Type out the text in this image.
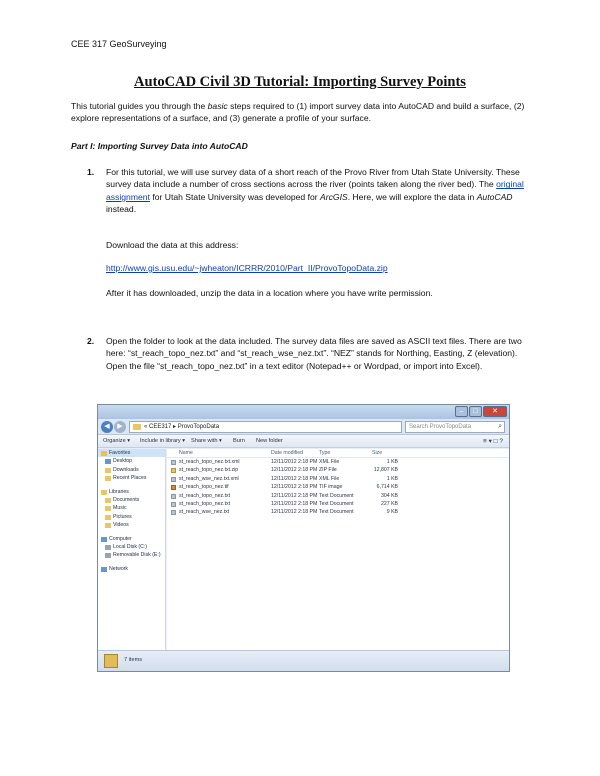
CEE 317 GeoSurveying
AutoCAD Civil 3D Tutorial: Importing Survey Points
This tutorial guides you through the basic steps required to (1) import survey data into AutoCAD and build a surface, (2) explore representations of a surface, and (3) generate a profile of your surface.
Part I: Importing Survey Data into AutoCAD
1. For this tutorial, we will use survey data of a short reach of the Provo River from Utah State University. These survey data include a number of cross sections across the river (points taken along the river bed). The original assignment for Utah State University was developed for ArcGIS. Here, we will explore the data in AutoCAD instead.
Download the data at this address:
http://www.gis.usu.edu/~jwheaton/ICRRR/2010/Part_II/ProvoTopoData.zip
After it has downloaded, unzip the data in a location where you have write permission.
2. Open the folder to look at the data included. The survey data files are saved as ASCII text files. There are two here: “st_reach_topo_nez.txt” and “st_reach_wse_nez.txt”. “NEZ” stands for Northing, Easting, Z (elevation). Open the file “st_reach_topo_nez.txt” in a text editor (Notepad++ or Wordpad, or import into Excel).
–	□	✕
◀	▶	« CEE317 ▸ ProvoTopoData	Search ProvoTopoData	⌕
Organize ▾ Include in library ▾ Share with ▾ Burn New folder	≡ ▾ □ ?
Favorites
Desktop
Downloads
Recent Places
Libraries
Documents
Music
Pictures
Videos
Computer
Local Disk (C:)
Removable Disk (E:)
Network
Name	Date modified	Type	Size
st_reach_topo_nez.txt.xml	12/11/2012 2:18 PM XML File	1 KB
st_reach_topo_nez.txt.zip	12/11/2012 2:18 PM ZIP File	12,807 KB
st_reach_wse_nez.txt.xml	12/11/2012 2:18 PM XML File	1 KB
st_reach_topo_nez.tif	12/11/2012 2:18 PM TIF image	6,714 KB
st_reach_topo_nez.txt	12/11/2012 2:18 PM Text Document	304 KB
st_reach_topo_nez.txt	12/11/2012 2:18 PM Text Document	227 KB
st_reach_wse_nez.txt	12/11/2012 2:18 PM Text Document	9 KB
7 items
